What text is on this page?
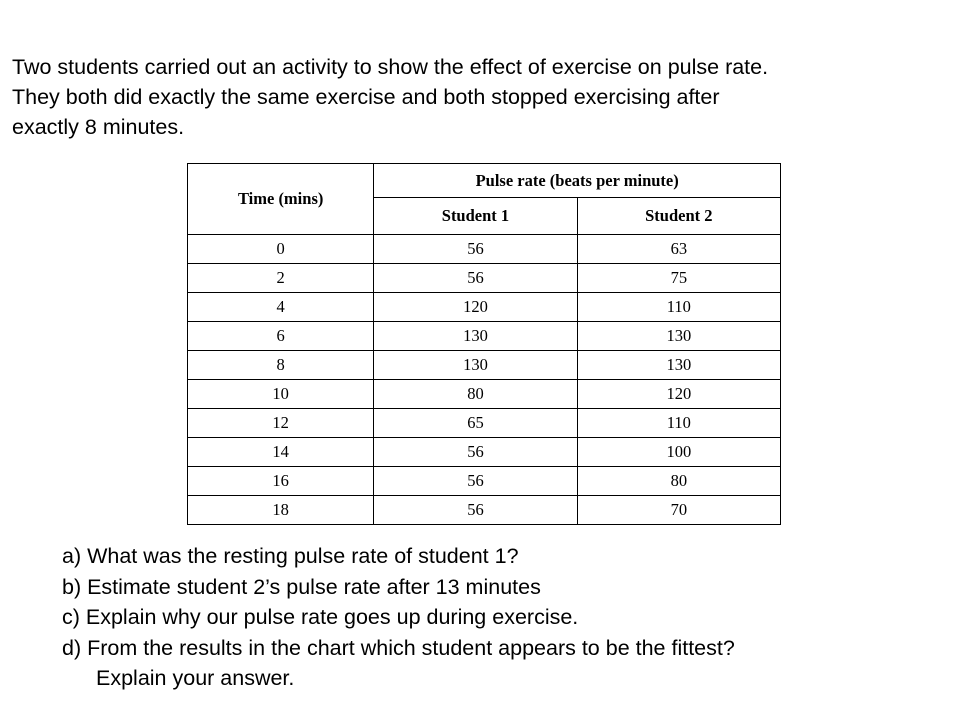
Two students carried out an activity to show the effect of exercise on pulse rate.

They both did exactly the same exercise and both stopped exercising after

exactly 8 minutes.

Time (mins)	Pulse rate (beats per minute)	
	Student 1	Student 2
0	56	63
2	56	75
4	120	110
6	130	130
8	130	130
10	80	120
12	65	110
14	56	100
16	56	80
18	56	70

a) What was the resting pulse rate of student 1?

b) Estimate student 2’s pulse rate after 13 minutes

c) Explain why our pulse rate goes up during exercise.

d) From the results in the chart which student appears to be the fittest?

Explain your answer.
